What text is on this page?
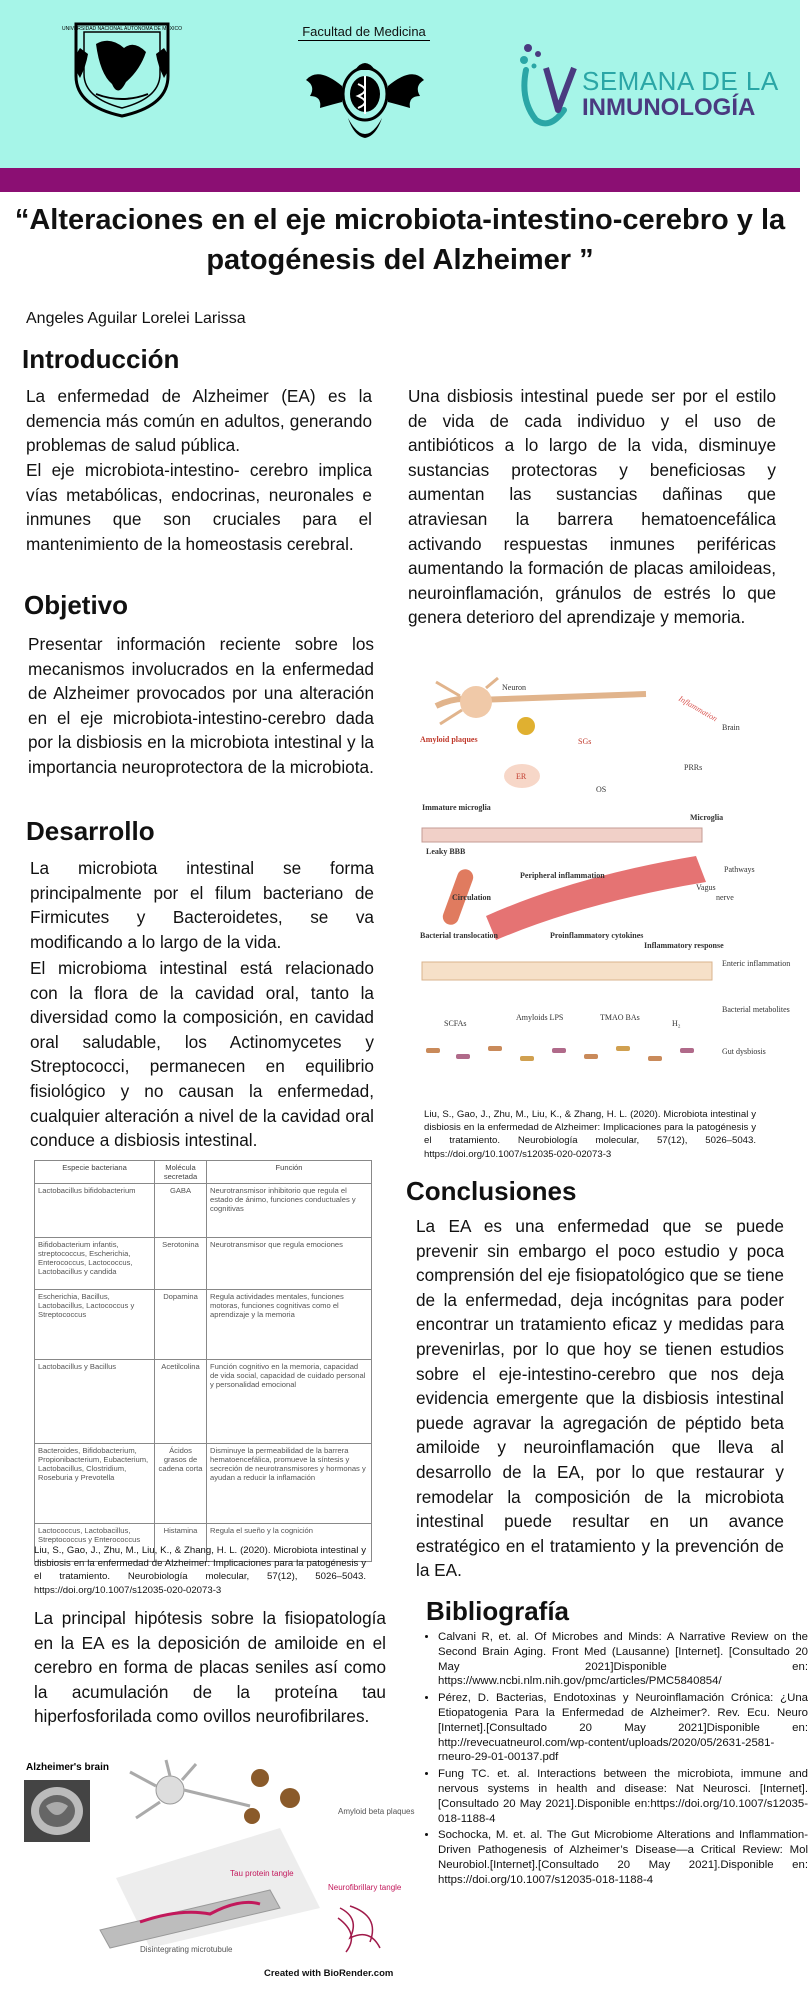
UNIVERSIDAD NACIONAL AUTONOMA DE MEXICO	Facultad de Medicina
SEMANA DE LA
INMUNOLOGÍA
“Alteraciones en el eje microbiota-intestino-cerebro y la patogénesis del Alzheimer ”
Angeles Aguilar Lorelei Larissa
Introducción
La enfermedad de Alzheimer (EA) es la demencia más común en adultos, generando problemas de salud pública.
El eje microbiota-intestino- cerebro implica vías metabólicas, endocrinas, neuronales e inmunes que son cruciales para el mantenimiento de la homeostasis cerebral.
Objetivo
Presentar información reciente sobre los mecanismos involucrados en la enfermedad de Alzheimer provocados por una alteración en el eje microbiota-intestino-cerebro dada por la disbiosis en la microbiota intestinal y la importancia neuroprotectora de la microbiota.
Desarrollo
La microbiota intestinal se forma principalmente por el filum bacteriano de Firmicutes y Bacteroidetes, se va modificando a lo largo de la vida.
El microbioma intestinal está relacionado con la flora de la cavidad oral, tanto la diversidad como la composición, en cavidad oral saludable, los Actinomycetes y Streptococci, permanecen en equilibrio fisiológico y no causan la enfermedad, cualquier alteración a nivel de la cavidad oral conduce a disbiosis intestinal.
Especie bacteriana	Molécula secretada	Función
Lactobacillus bifidobacterium	GABA	Neurotransmisor inhibitorio que regula el estado de ánimo, funciones conductuales y cognitivas
Bifidobacterium infantis, streptococcus, Escherichia, Enterococcus, Lactococcus, Lactobacillus y candida	Serotonina	Neurotransmisor que regula emociones
Escherichia, Bacillus, Lactobacillus, Lactococcus y Streptococcus	Dopamina	Regula actividades mentales, funciones motoras, funciones cognitivas como el aprendizaje y la memoria
Lactobacillus y Bacillus	Acetilcolina	Función cognitivo en la memoria, capacidad de vida social, capacidad de cuidado personal y personalidad emocional
Bacteroides, Bifidobacterium, Propionibacterium, Eubacterium, Lactobacillus, Clostridium, Roseburia y Prevotella	Ácidos grasos de cadena corta	Disminuye la permeabilidad de la barrera hematoencefálica, promueve la síntesis y secreción de neurotransmisores y hormonas y ayudan a reducir la inflamación
Lactococcus, Lactobacillus, Streptococcus y Enterococcus	Histamina	Regula el sueño y la cognición
Liu, S., Gao, J., Zhu, M., Liu, K., & Zhang, H. L. (2020). Microbiota intestinal y disbiosis en la enfermedad de Alzheimer: Implicaciones para la patogénesis y el tratamiento. Neurobiología molecular, 57(12), 5026–5043. https://doi.org/10.1007/s12035-020-02073-3
La principal hipótesis sobre la fisiopatología en la EA es la deposición de amiloide en el cerebro en forma de placas seniles así como la acumulación de la proteína tau hiperfosforilada como ovillos neurofibrilares.
Alzheimer's brain
Amyloid beta plaques
Tau protein tangle
Neurofibrillary tangle
Disintegrating microtubule
Una disbiosis intestinal puede ser por el estilo de vida de cada individuo y el uso de antibióticos a lo largo de la vida, disminuye sustancias protectoras y beneficiosas y aumentan las sustancias dañinas que atraviesan la barrera hematoencefálica activando respuestas inmunes periféricas aumentando la formación de placas amiloideas, neuroinflamación, gránulos de estrés lo que genera deterioro del aprendizaje y memoria.
Neuron
Inflammation
Brain
Amyloid plaques	SGs
ER
OS
PRRs
Immature microglia
Microglia
Leaky BBB
Circulation
Peripheral inflammation
Vagus
nerve
Pathways
Proinflammatory cytokines
Bacterial translocation
Inflammatory response
Enteric inflammation
SCFAs
Amyloids LPS	TMAO BAs
H₂
Bacterial metabolites
Gut dysbiosis
Liu, S., Gao, J., Zhu, M., Liu, K., & Zhang, H. L. (2020). Microbiota intestinal y disbiosis en la enfermedad de Alzheimer: Implicaciones para la patogénesis y el tratamiento. Neurobiología molecular, 57(12), 5026–5043. https://doi.org/10.1007/s12035-020-02073-3
Conclusiones
La EA es una enfermedad que se puede prevenir sin embargo el poco estudio y poca comprensión del eje fisiopatológico que se tiene de la enfermedad, deja incógnitas para poder encontrar un tratamiento eficaz y medidas para prevenirlas, por lo que hoy se tienen estudios sobre el eje-intestino-cerebro que nos deja evidencia emergente que la disbiosis intestinal puede agravar la agregación de péptido beta amiloide y neuroinflamación que lleva al desarrollo de la EA, por lo que restaurar y remodelar la composición de la microbiota intestinal puede resultar en un avance estratégico en el tratamiento y la prevención de la EA.
Bibliografía
• Calvani R, et. al. Of Microbes and Minds: A Narrative Review on the Second Brain Aging. Front Med (Lausanne) [Internet]. [Consultado 20 May 2021]Disponible en: https://www.ncbi.nlm.nih.gov/pmc/articles/PMC5840854/
• Pérez, D. Bacterias, Endotoxinas y Neuroinflamación Crónica: ¿Una Etiopatogenia Para la Enfermedad de Alzheimer?. Rev. Ecu. Neuro [Internet].[Consultado 20 May 2021]Disponible en: http://revecuatneurol.com/wp-content/uploads/2020/05/2631-2581-rneuro-29-01-00137.pdf
• Fung TC. et. al. Interactions between the microbiota, immune and nervous systems in health and disease: Nat Neurosci. [Internet].[Consultado 20 May 2021].Disponible en:https://doi.org/10.1007/s12035-018-1188-4
• Sochocka, M. et. al. The Gut Microbiome Alterations and Inflammation-Driven Pathogenesis of Alzheimer’s Disease—a Critical Review: Mol Neurobiol.[Internet].[Consultado 20 May 2021].Disponible en: https://doi.org/10.1007/s12035-018-1188-4
Created with BioRender.com
